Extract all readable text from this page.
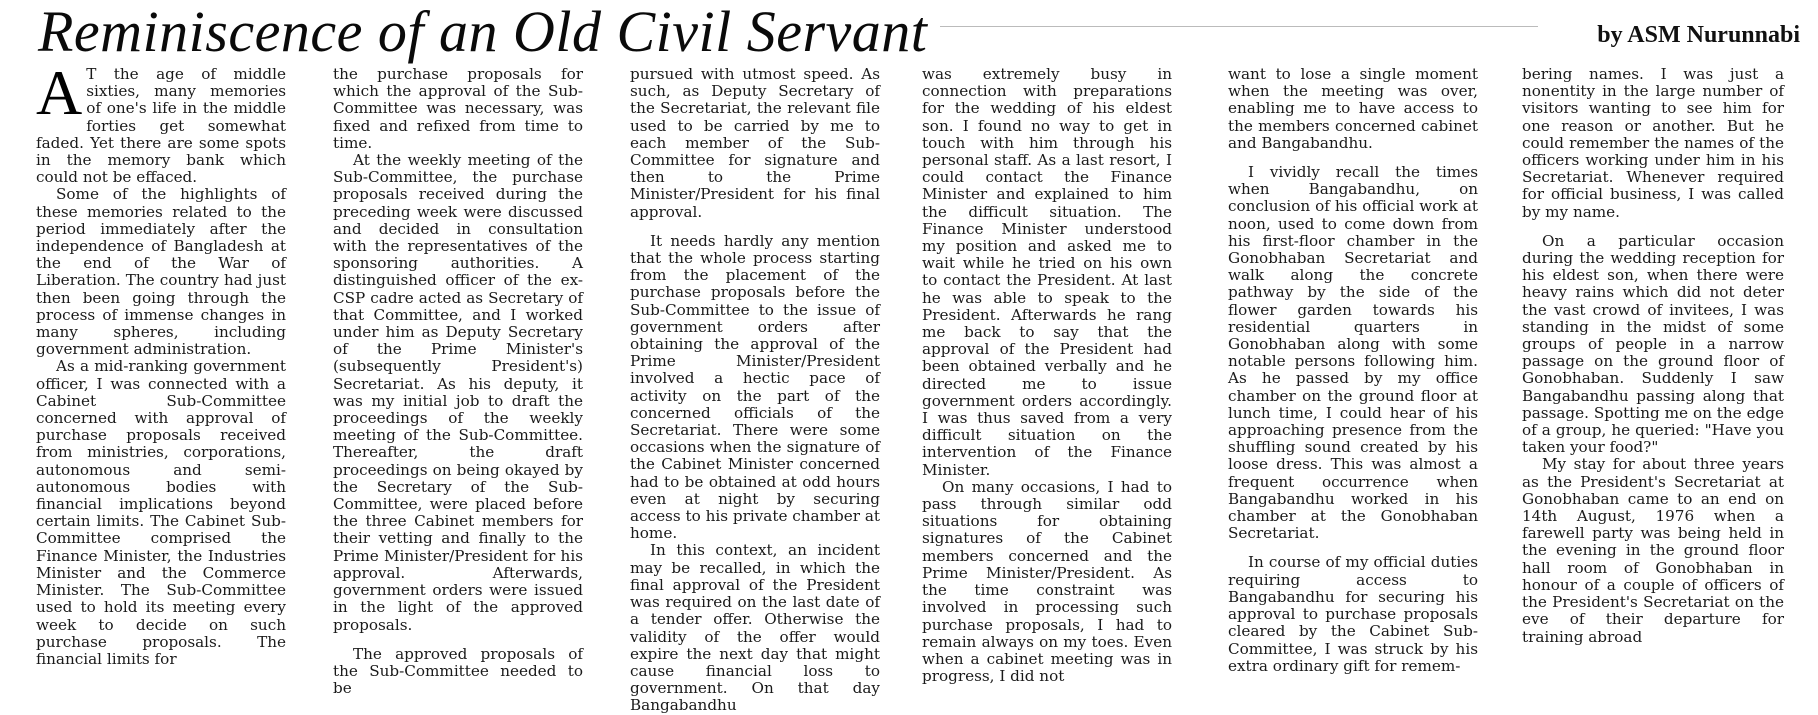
Reminiscence of an Old Civil Servant	by ASM Nurunnabi

A T the age of middle sixties, many memories of one's life in the middle forties get somewhat faded. Yet there are some spots in the memory bank which could not be effaced.

Some of the highlights of these memories related to the period immediately after the independence of Bangladesh at the end of the War of Liberation. The country had just then been going through the process of immense changes in many spheres, including government administration.

As a mid-ranking government officer, I was connected with a Cabinet Sub-Committee concerned with approval of purchase proposals received from ministries, corporations, autonomous and semi-autonomous bodies with financial implications beyond certain limits. The Cabinet Sub-Committee comprised the Finance Minister, the Industries Minister and the Commerce Minister. The Sub-Committee used to hold its meeting every week to decide on such purchase proposals. The financial limits for

the purchase proposals for which the approval of the Sub-Committee was necessary, was fixed and refixed from time to time.

At the weekly meeting of the Sub-Committee, the purchase proposals received during the preceding week were discussed and decided in consultation with the representatives of the sponsoring authorities. A distinguished officer of the ex-CSP cadre acted as Secretary of that Committee, and I worked under him as Deputy Secretary of the Prime Minister's (subsequently President's) Secretariat. As his deputy, it was my initial job to draft the proceedings of the weekly meeting of the Sub-Committee. Thereafter, the draft proceedings on being okayed by the Secretary of the Sub-Committee, were placed before the three Cabinet members for their vetting and finally to the Prime Minister/President for his approval. Afterwards, government orders were issued in the light of the approved proposals.

The approved proposals of the Sub-Committee needed to be

pursued with utmost speed. As such, as Deputy Secretary of the Secretariat, the relevant file used to be carried by me to each member of the Sub-Committee for signature and then to the Prime Minister/President for his final approval.

It needs hardly any mention that the whole process starting from the placement of the purchase proposals before the Sub-Committee to the issue of government orders after obtaining the approval of the Prime Minister/President involved a hectic pace of activity on the part of the concerned officials of the Secretariat. There were some occasions when the signature of the Cabinet Minister concerned had to be obtained at odd hours even at night by securing access to his private chamber at home.

In this context, an incident may be recalled, in which the final approval of the President was required on the last date of a tender offer. Otherwise the validity of the offer would expire the next day that might cause financial loss to government. On that day Bangabandhu

was extremely busy in connection with preparations for the wedding of his eldest son. I found no way to get in touch with him through his personal staff. As a last resort, I could contact the Finance Minister and explained to him the difficult situation. The Finance Minister understood my position and asked me to wait while he tried on his own to contact the President. At last he was able to speak to the President. Afterwards he rang me back to say that the approval of the President had been obtained verbally and he directed me to issue government orders accordingly. I was thus saved from a very difficult situation on the intervention of the Finance Minister.

On many occasions, I had to pass through similar odd situations for obtaining signatures of the Cabinet members concerned and the Prime Minister/President. As the time constraint was involved in processing such purchase proposals, I had to remain always on my toes. Even when a cabinet meeting was in progress, I did not

want to lose a single moment when the meeting was over, enabling me to have access to the members concerned cabinet and Bangabandhu.

I vividly recall the times when Bangabandhu, on conclusion of his official work at noon, used to come down from his first-floor chamber in the Gonobhaban Secretariat and walk along the concrete pathway by the side of the flower garden towards his residential quarters in Gonobhaban along with some notable persons following him. As he passed by my office chamber on the ground floor at lunch time, I could hear of his approaching presence from the shuffling sound created by his loose dress. This was almost a frequent occurrence when Bangabandhu worked in his chamber at the Gonobhaban Secretariat.

In course of my official duties requiring access to Bangabandhu for securing his approval to purchase proposals cleared by the Cabinet Sub-Committee, I was struck by his extra ordinary gift for remem-

bering names. I was just a nonentity in the large number of visitors wanting to see him for one reason or another. But he could remember the names of the officers working under him in his Secretariat. Whenever required for official business, I was called by my name.

On a particular occasion during the wedding reception for his eldest son, when there were heavy rains which did not deter the vast crowd of invitees, I was standing in the midst of some groups of people in a narrow passage on the ground floor of Gonobhaban. Suddenly I saw Bangabandhu passing along that passage. Spotting me on the edge of a group, he queried: "Have you taken your food?"

My stay for about three years as the President's Secretariat at Gonobhaban came to an end on 14th August, 1976 when a farewell party was being held in the evening in the ground floor hall room of Gonobhaban in honour of a couple of officers of the President's Secretariat on the eve of their departure for training abroad
